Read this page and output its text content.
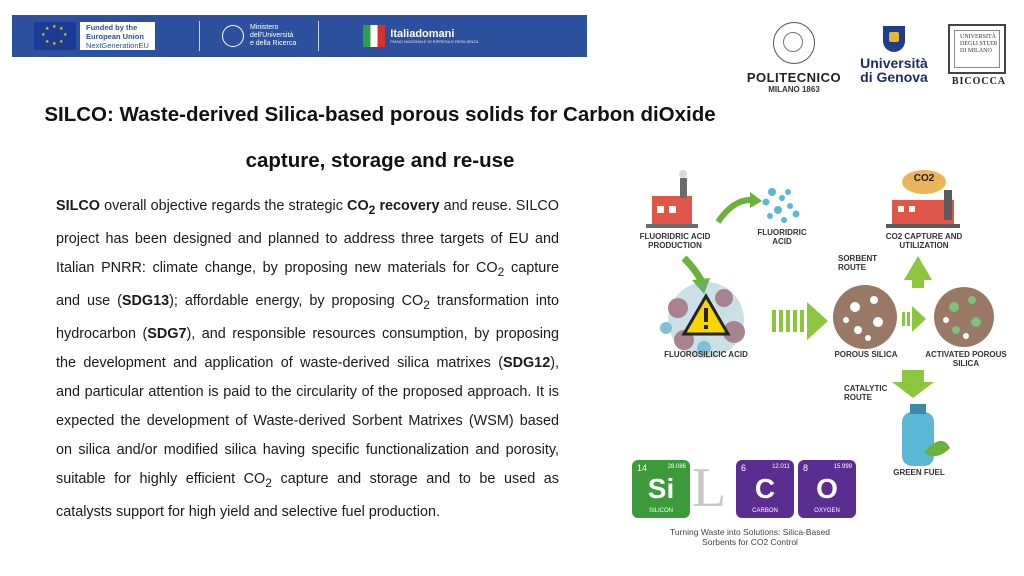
★ ★
★
★
★
★
★
★	Funded by the
European Union
NextGenerationEU
Ministero
dell'Università
e della Ricerca
Italiadomani
PIANO NAZIONALE DI RIPRESA E RESILIENZA
POLITECNICO
MILANO 1863
Università
di Genova
UNIVERSITÀ DEGLI STUDI DI MILANO
BICOCCA
SILCO: Waste-derived Silica-based porous solids for Carbon diOxide
capture, storage and re-use
SILCO overall objective regards the strategic $CO_2$ recovery and reuse. SILCO project has been designed and planned to address three targets of EU and Italian PNRR: climate change, by proposing new materials for $CO_2$ capture and use (SDG13); affordable energy, by proposing $CO_2$ transformation into hydrocarbon (SDG7), and responsible resources consumption, by proposing the development and application of waste-derived silica matrixes (SDG12), and particular attention is paid to the circularity of the proposed approach. It is expected the development of Waste-derived Sorbent Matrixes (WSM) based on silica and/or modified silica having specific functionalization and porosity, suitable for highly efficient $CO_2$ capture and storage and to be used as catalysts support for high yield and selective fuel production.
FLUORIDRIC ACID PRODUCTION
FLUORIDRIC ACID
FLUOROSILICIC ACID	POROUS SILICA	ACTIVATED POROUS SILICA
SORBENT ROUTE
CATALYTIC ROUTE
CO2 CAPTURE AND UTILIZATION
CO2
GREEN FUEL
14	28.086
Si
SILICON L 6	12.011
C
CARBON
8	15.999
O
OXYGEN
Turning Waste into Solutions: Silica-Based
Sorbents for CO2 Control
